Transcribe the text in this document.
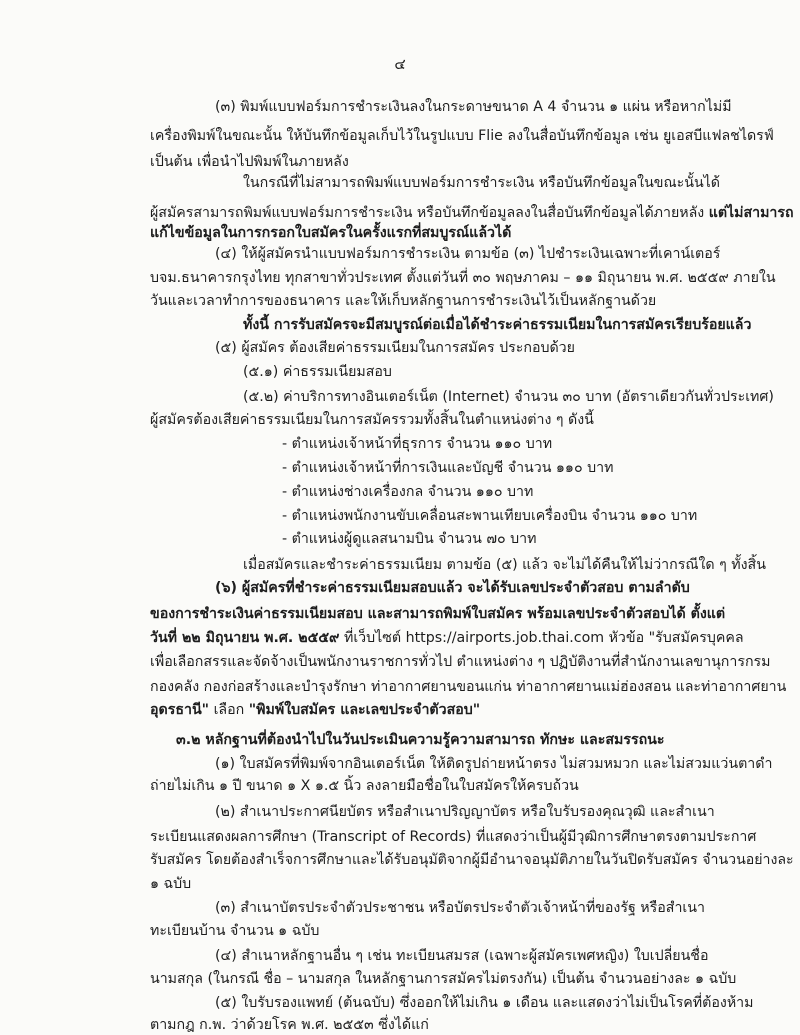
๔
(๓) พิมพ์แบบฟอร์มการชำระเงินลงในกระดาษขนาด A 4 จำนวน ๑ แผ่น หรือหากไม่มี
เครื่องพิมพ์ในขณะนั้น ให้บันทึกข้อมูลเก็บไว้ในรูปแบบ Flie ลงในสื่อบันทึกข้อมูล เช่น ยูเอสบีแฟลชไดรฟ์
เป็นต้น เพื่อนำไปพิมพ์ในภายหลัง
ในกรณีที่ไม่สามารถพิมพ์แบบฟอร์มการชำระเงิน หรือบันทึกข้อมูลในขณะนั้นได้
ผู้สมัครสามารถพิมพ์แบบฟอร์มการชำระเงิน หรือบันทึกข้อมูลลงในสื่อบันทึกข้อมูลได้ภายหลัง แต่ไม่สามารถ
แก้ไขข้อมูลในการกรอกใบสมัครในครั้งแรกที่สมบูรณ์แล้วได้
(๔) ให้ผู้สมัครนำแบบฟอร์มการชำระเงิน ตามข้อ (๓) ไปชำระเงินเฉพาะที่เคาน์เตอร์
บจม.ธนาคารกรุงไทย ทุกสาขาทั่วประเทศ ตั้งแต่วันที่ ๓๐ พฤษภาคม – ๑๑ มิถุนายน พ.ศ. ๒๕๕๙ ภายใน
วันและเวลาทำการของธนาคาร และให้เก็บหลักฐานการชำระเงินไว้เป็นหลักฐานด้วย
ทั้งนี้ การรับสมัครจะมีสมบูรณ์ต่อเมื่อได้ชำระค่าธรรมเนียมในการสมัครเรียบร้อยแล้ว
(๕) ผู้สมัคร ต้องเสียค่าธรรมเนียมในการสมัคร ประกอบด้วย
(๕.๑) ค่าธรรมเนียมสอบ
(๕.๒) ค่าบริการทางอินเตอร์เน็ต (Internet) จำนวน ๓๐ บาท (อัตราเดียวกันทั่วประเทศ)
ผู้สมัครต้องเสียค่าธรรมเนียมในการสมัครรวมทั้งสิ้นในตำแหน่งต่าง ๆ ดังนี้
- ตำแหน่งเจ้าหน้าที่ธุรการ จำนวน ๑๑๐ บาท
- ตำแหน่งเจ้าหน้าที่การเงินและบัญชี จำนวน ๑๑๐ บาท
- ตำแหน่งช่างเครื่องกล จำนวน ๑๑๐ บาท
- ตำแหน่งพนักงานขับเคลื่อนสะพานเทียบเครื่องบิน จำนวน ๑๑๐ บาท
- ตำแหน่งผู้ดูแลสนามบิน จำนวน ๗๐ บาท
เมื่อสมัครและชำระค่าธรรมเนียม ตามข้อ (๕) แล้ว จะไม่ได้คืนให้ไม่ว่ากรณีใด ๆ ทั้งสิ้น
(๖) ผู้สมัครที่ชำระค่าธรรมเนียมสอบแล้ว จะได้รับเลขประจำตัวสอบ ตามลำดับ
ของการชำระเงินค่าธรรมเนียมสอบ และสามารถพิมพ์ใบสมัคร พร้อมเลขประจำตัวสอบได้ ตั้งแต่
วันที่ ๒๒ มิถุนายน พ.ศ. ๒๕๕๙ ที่เว็บไซต์ https://airports.job.thai.com หัวข้อ "รับสมัครบุคคล
เพื่อเลือกสรรและจัดจ้างเป็นพนักงานราชการทั่วไป ตำแหน่งต่าง ๆ ปฏิบัติงานที่สำนักงานเลขานุการกรม
กองคลัง กองก่อสร้างและบำรุงรักษา ท่าอากาศยานขอนแก่น ท่าอากาศยานแม่ฮ่องสอน และท่าอากาศยาน
อุดรธานี" เลือก "พิมพ์ใบสมัคร และเลขประจำตัวสอบ"
๓.๒ หลักฐานที่ต้องนำไปในวันประเมินความรู้ความสามารถ ทักษะ และสมรรถนะ
(๑) ใบสมัครที่พิมพ์จากอินเตอร์เน็ต ให้ติดรูปถ่ายหน้าตรง ไม่สวมหมวก และไม่สวมแว่นตาดำ
ถ่ายไม่เกิน ๑ ปี ขนาด ๑ X ๑.๕ นิ้ว ลงลายมือชื่อในใบสมัครให้ครบถ้วน
(๒) สำเนาประกาศนียบัตร หรือสำเนาปริญญาบัตร หรือใบรับรองคุณวุฒิ และสำเนา
ระเบียนแสดงผลการศึกษา (Transcript of Records) ที่แสดงว่าเป็นผู้มีวุฒิการศึกษาตรงตามประกาศ
รับสมัคร โดยต้องสำเร็จการศึกษาและได้รับอนุมัติจากผู้มีอำนาจอนุมัติภายในวันปิดรับสมัคร จำนวนอย่างละ
๑ ฉบับ
(๓) สำเนาบัตรประจำตัวประชาชน หรือบัตรประจำตัวเจ้าหน้าที่ของรัฐ หรือสำเนา
ทะเบียนบ้าน จำนวน ๑ ฉบับ
(๔) สำเนาหลักฐานอื่น ๆ เช่น ทะเบียนสมรส (เฉพาะผู้สมัครเพศหญิง) ใบเปลี่ยนชื่อ
นามสกุล (ในกรณี ชื่อ – นามสกุล ในหลักฐานการสมัครไม่ตรงกัน) เป็นต้น จำนวนอย่างละ ๑ ฉบับ
(๕) ใบรับรองแพทย์ (ต้นฉบับ) ซึ่งออกให้ไม่เกิน ๑ เดือน และแสดงว่าไม่เป็นโรคที่ต้องห้าม
ตามกฎ ก.พ. ว่าด้วยโรค พ.ศ. ๒๕๕๓ ซึ่งได้แก่
